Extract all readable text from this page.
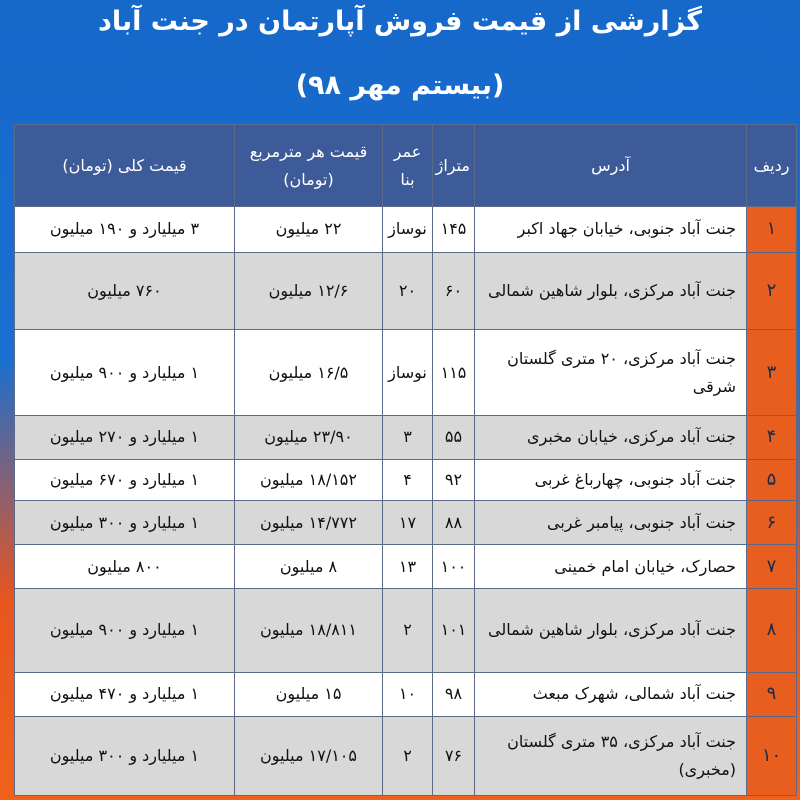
گزارشی از قیمت فروش آپارتمان در جنت آباد
(بیستم مهر ۹۸)
ردیف	آدرس	متراژ	عمر بنا	قیمت هر مترمربع (تومان)	قیمت کلی (تومان)
۱	جنت آباد جنوبی، خیابان جهاد اکبر	۱۴۵	نوساز	۲۲ میلیون	۳ میلیارد و ۱۹۰ میلیون
۲	جنت آباد مرکزی، بلوار شاهین شمالی	۶۰	۲۰	۱۲/۶ میلیون	۷۶۰ میلیون
۳	جنت آباد مرکزی، ۲۰ متری گلستان شرقی	۱۱۵	نوساز	۱۶/۵ میلیون	۱ میلیارد و ۹۰۰ میلیون
۴	جنت آباد مرکزی، خیابان مخبری	۵۵	۳	۲۳/۹۰ میلیون	۱ میلیارد و ۲۷۰ میلیون
۵	جنت آباد جنوبی، چهارباغ غربی	۹۲	۴	۱۸/۱۵۲ میلیون	۱ میلیارد و ۶۷۰ میلیون
۶	جنت آباد جنوبی، پیامبر غربی	۸۸	۱۷	۱۴/۷۷۲ میلیون	۱ میلیارد و ۳۰۰ میلیون
۷	حصارک، خیابان امام خمینی	۱۰۰	۱۳	۸ میلیون	۸۰۰ میلیون
۸	جنت آباد مرکزی، بلوار شاهین شمالی	۱۰۱	۲	۱۸/۸۱۱ میلیون	۱ میلیارد و ۹۰۰ میلیون
۹	جنت آباد شمالی، شهرک مبعث	۹۸	۱۰	۱۵ میلیون	۱ میلیارد و ۴۷۰ میلیون
۱۰	جنت آباد مرکزی، ۳۵ متری گلستان (مخبری)	۷۶	۲	۱۷/۱۰۵ میلیون	۱ میلیارد و ۳۰۰ میلیون
